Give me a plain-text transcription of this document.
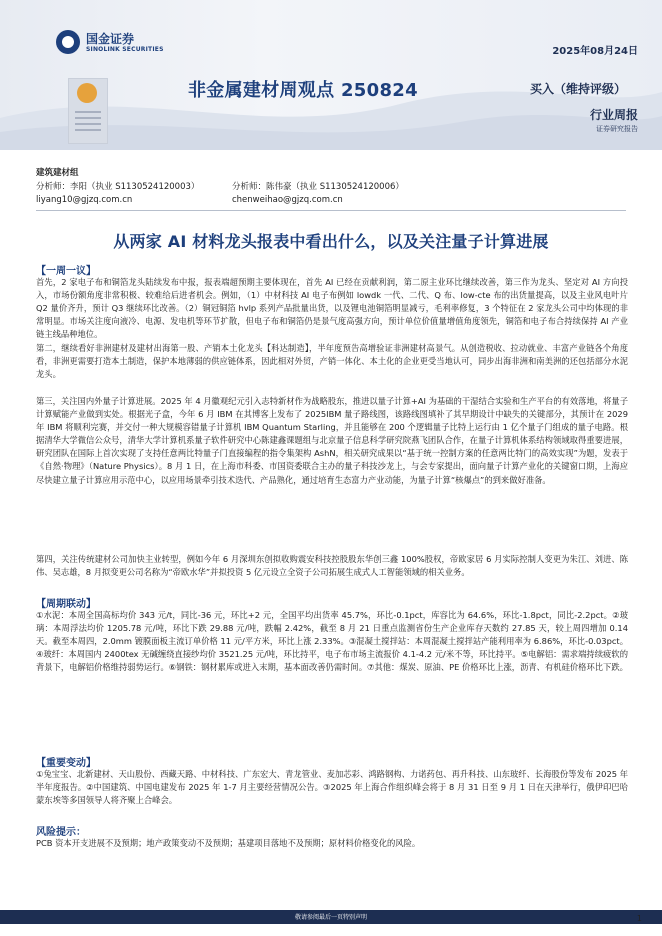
国金证券
SINOLINK SECURITIES	2025年08月24日
非金属建材周观点 250824	买入（维持评级）
行业周报
证券研究报告
建筑建材组
分析师：李阳（执业 S1130524120003）
liyang10@gjzq.com.cn
分析师：陈伟豪（执业 S1130524120006）
chenweihao@gjzq.com.cn
从两家 AI 材料龙头报表中看出什么，以及关注量子计算进展
【一周一议】

首先，2 家电子布和铜箔龙头陆续发布中报，报表端超预期主要体现在，首先 AI 已经在贡献利润，第二原主业环比继续改善，第三作为龙头、坚定对 AI 方向投入，市场份额角度非常积极、较难给后进者机会。例如，（1）中材科技 AI 电子布例如 lowdk 一代、二代、Q 布、low-cte 布的出货量提高，以及主业风电叶片 Q2 量价齐升，预计 Q3 继续环比改善。（2）铜冠铜箔 hvlp 系列产品批量出货，以及锂电池铜箔明显减亏，毛利率修复，3 个特征在 2 家龙头公司中均体现的非常明显。市场关注度向液冷、电源、发电机等环节扩散，但电子布和铜箔仍是景气度高强方向，预计单位价值量增值角度领先，铜箔和电子布合持续保持 AI 产业链主线品种地位。

第二，继续看好非洲建材及建材出海第一股、产销本土化龙头【科达制造】，半年度预告高增验证非洲建材高景气。从创造税收、拉动就业、丰富产业链各个角度看，非洲更需要打造本土制造，保护本地薄弱的供应链体系，因此相对外贸，产销一体化、本土化的企业更受当地认可，同步出海非洲和南美洲的还包括部分水泥龙头。

第三，关注国内外量子计算进展。2025 年 4 月徽观纪元引入志特新材作为战略股东，推进以量子计算+AI 为基础的干湿结合实验和生产平台的有效落地，将量子计算赋能产业做到实处。根据光子盒，今年 6 月 IBM 在其博客上发布了 2025IBM 量子路线图，该路线图填补了其早期设计中缺失的关键部分，其预计在 2029 年 IBM 将顺利完赛，并交付一种大规模容错量子计算机 IBM Quantum Starling，并且能够在 200 个逻辑量子比特上运行由 1 亿个量子门组成的量子电路。根据清华大学微信公众号，清华大学计算机系量子软件研究中心陈建鑫课题组与北京量子信息科学研究院燕飞团队合作，在量子计算机体系结构领域取得重要进展，研究团队在国际上首次实现了支持任意两比特量子门直接编程的指令集架构 AshN，相关研究成果以“基于统一控制方案的任意两比特门的高效实现”为题，发表于《自然·物理》（Nature Physics）。8 月 1 日，在上海市科委、市国资委联合主办的量子科技沙龙上，与会专家提出，面向量子计算产业化的关键窗口期，上海应尽快建立量子计算应用示范中心，以应用场景牵引技术迭代、产品熟化，通过培育生态富力产业动能，为量子计算“核爆点”的到来做好准备。

第四，关注传统建材公司加快主业转型，例如今年 6 月深圳东创拟收购震安科技控股股东华创三鑫 100%股权，帝欧家居 6 月实际控制人变更为朱江、刘进、陈伟、吴志雄，8 月拟变更公司名称为“帝欧水华”并拟投资 5 亿元设立全资子公司拓展生成式人工智能领域的相关业务。

【周期联动】

①水泥：本周全国高标均价 343 元/t，同比-36 元，环比+2 元，全国平均出货率 45.7%，环比-0.1pct，库容比为 64.6%，环比-1.8pct，同比-2.2pct。②玻璃：本周浮法均价 1205.78 元/吨，环比下跌 29.88 元/吨，跌幅 2.42%，截至 8 月 21 日重点监测省份生产企业库存天数约 27.85 天，较上周四增加 0.14 天。截至本周四，2.0mm 镀膜面板主流订单价格 11 元/平方米，环比上涨 2.33%。③混凝土搅拌站：本周混凝土搅拌站产能利用率为 6.86%，环比-0.03pct。④玻纤：本周国内 2400tex 无碱缠绕直接纱均价 3521.25 元/吨，环比持平，电子布市场主流报价 4.1-4.2 元/米不等，环比持平。⑤电解铝：需求端持续疲软的背景下，电解铝价格维持弱势运行。⑥钢铁：钢材累库或进入末期，基本面改善仍需时间。⑦其他：煤炭、原油、PE 价格环比上涨，沥青、有机硅价格环比下跌。

【重要变动】

①兔宝宝、北新建材、天山股份、西藏天路、中材科技、广东宏大、青龙管业、麦加芯彩、鸿路钢构、力诺药包、再升科技、山东玻纤、长海股份等发布 2025 年半年度报告。②中国建筑、中国电建发布 2025 年 1-7 月主要经营情况公告。③2025 年上海合作组织峰会将于 8 月 31 日至 9 月 1 日在天津举行，俄伊印巴哈蒙东埃等多国领导人将齐聚上合峰会。

风险提示：

PCB 资本开支进展不及预期；地产政策变动不及预期；基建项目落地不及预期；原材料价格变化的风险。

敬请参阅最后一页特别声明	1
